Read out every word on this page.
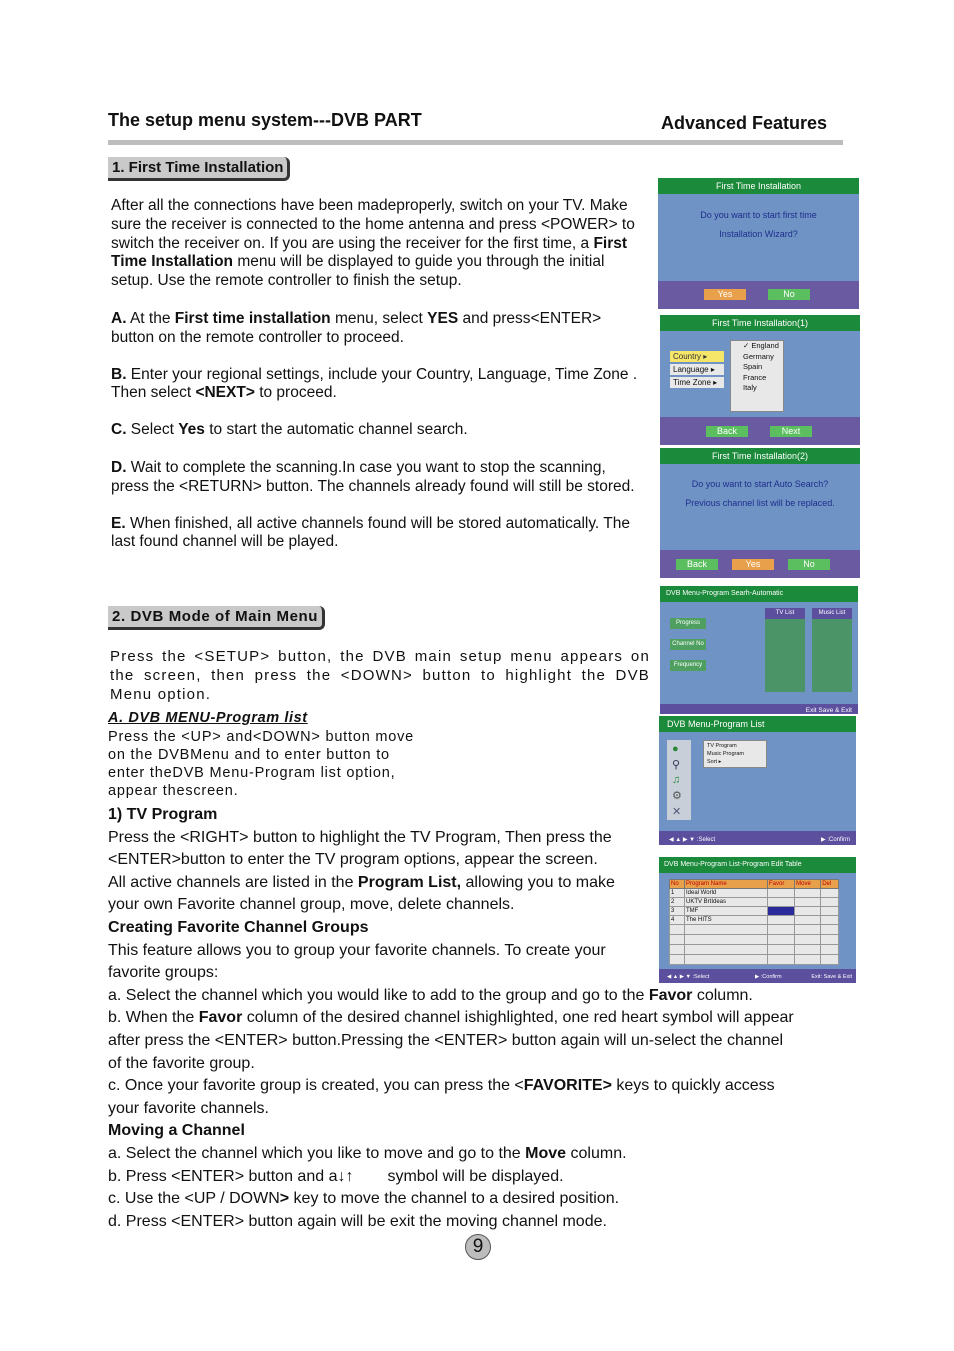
The setup menu system---DVB PART	Advanced Features
1. First Time Installation

After all the connections have been madeproperly, switch on your TV. Make sure the receiver is connected to the home antenna and press <POWER> to switch the receiver on. If you are using the receiver for the first time, a First Time Installation menu will be displayed to guide you through the initial setup. Use the remote controller to finish the setup.

A. At the First time installation menu, select YES and press<ENTER> button on the remote controller to proceed.

B. Enter your regional settings, include your Country, Language, Time Zone . Then select <NEXT> to proceed.

C. Select Yes to start the automatic channel search.

D. Wait to complete the scanning.In case you want to stop the scanning, press the <RETURN> button. The channels already found will still be stored.

E. When finished, all active channels found will be stored automatically. The last found channel will be played.

2. DVB Mode of Main Menu
Press the <SETUP> button, the DVB main setup menu appears on the screen, then press the <DOWN> button to highlight the DVB Menu option.
A. DVB MENU-Program list
Press the <UP> and<DOWN> button move on the DVBMenu and to enter button to enter theDVB Menu-Program list option, appear thescreen.

1) TV Program

Press the <RIGHT> button to highlight the TV Program, Then press the

<ENTER>button to enter the TV program options, appear the screen.

All active channels are listed in the Program List, allowing you to make

your own Favorite channel group, move, delete channels.

Creating Favorite Channel Groups

This feature allows you to group your favorite channels. To create your

favorite groups:

a. Select the channel which you would like to add to the group and go to the Favor column.

b. When the Favor column of the desired channel ishighlighted, one red heart symbol will appear

after press the <ENTER> button.Pressing the <ENTER> button again will un-select the channel

of the favorite group.

c. Once your favorite group is created, you can press the <FAVORITE> keys to quickly access

your favorite channels.

Moving a Channel

a. Select the channel which you like to move and go to the Move column.

b. Press <ENTER> button and a↓↑ symbol will be displayed.

c. Use the <UP / DOWN> key to move the channel to a desired position.

d. Press <ENTER> button again will be exit the moving channel mode.

First Time Installation
Do you want to start first time
Installation Wizard?
Yes	No
First Time Installation(1)
Country ▸
Language ▸
Time Zone ▸
✓ England
Germany
Spain
France
Italy
Back	Next
First Time Installation(2)
Do you want to start Auto Search?
Previous channel list will be replaced.
Back	Yes	No
DVB Menu-Program Searh-Automatic
Progress
Channel No
Frequency
TV List	Music List
Exit Save & Exit
DVB Menu-Program List
●
⚲
♫
⚙
✕
TV Program
Music Program
Sort ▸
◀ ▲ ▶ ▼ :Select	▶ :Confirm
DVB Menu-Program List-Program Edit Table
No	Program Name	Favor	Move	Del
1	Ideal World			
2	UKTV BrtIdeas			
3	TMF			
4	The HITS			

◀ ▲ ▶ ▼ :Select	▶ :Confirm	Exit: Save & Exit
9
